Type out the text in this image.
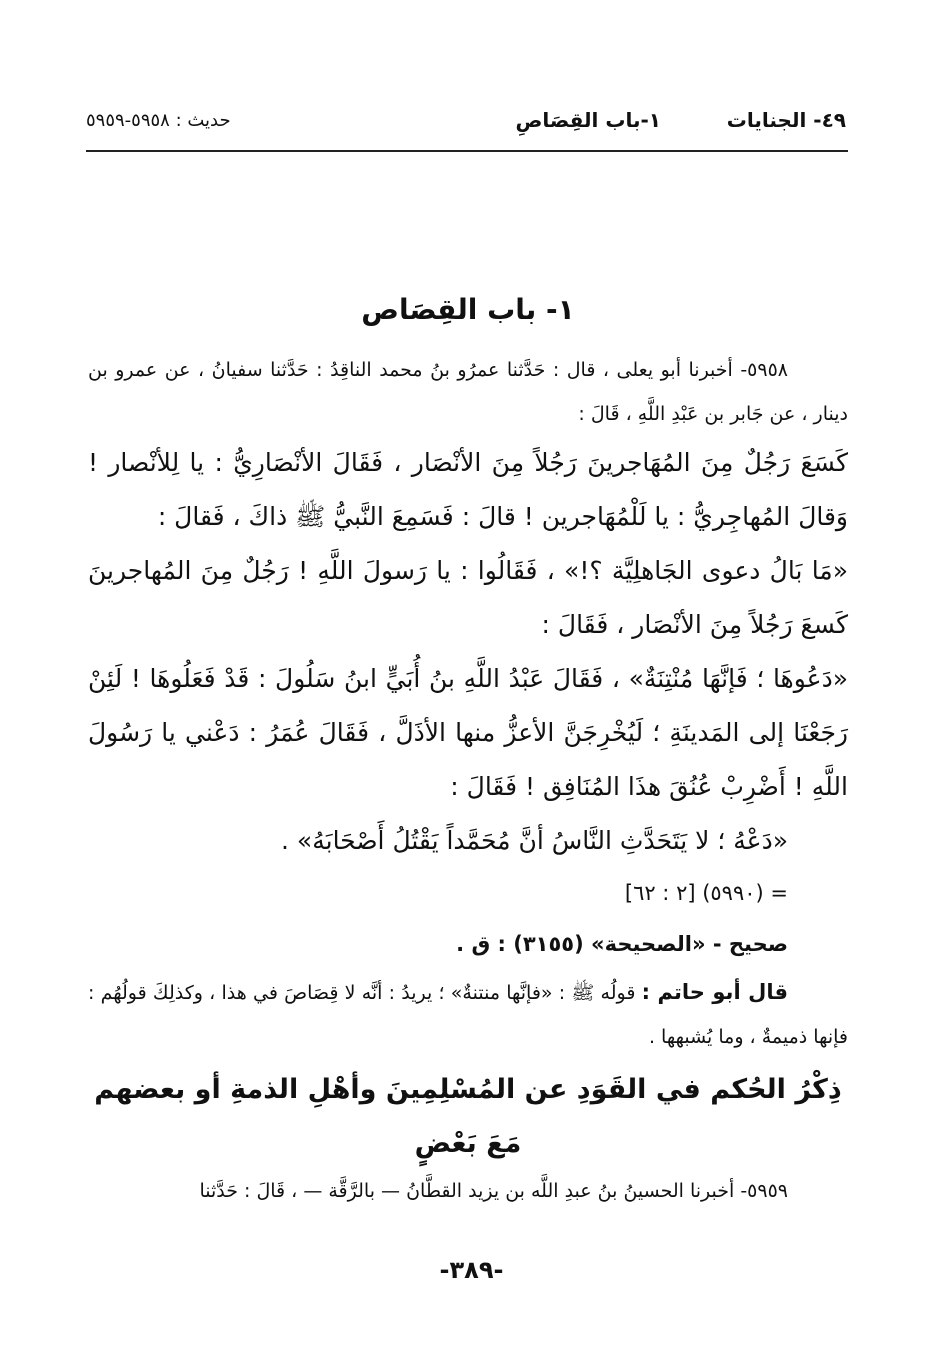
٤٩- الجنايات
١-باب القِصَاصِ
حديث : ٥٩٥٨-٥٩٥٩
١- باب القِصَاص

٥٩٥٨- أخبرنا أبو يعلى ، قال : حَدَّثنا عمرُو بنُ محمد الناقِدُ : حَدَّثنا سفيانُ ، عن عمرو بن دينار ، عن جَابر بن عَبْدِ اللَّهِ ، قَالَ :

كَسَعَ رَجُلٌ مِنَ المُهَاجرينَ رَجُلاً مِنَ الأنْصَار ، فَقَالَ الأنْصَارِيُّ : يا لِلأنْصار ! وَقالَ المُهاجِريُّ : يا لَلْمُهَاجرين ! قالَ : فَسَمِعَ النَّبيُّ ﷺ ذاكَ ، فَقالَ :

«مَا بَالُ دعوى الجَاهلِيَّة ؟!» ، فَقَالُوا : يا رَسولَ اللَّهِ ! رَجُلٌ مِنَ المُهاجرينَ كَسعَ رَجُلاً مِنَ الأنْصَار ، فَقَالَ :

«دَعُوهَا ؛ فَإنَّهَا مُنْتِنَةٌ» ، فَقَالَ عَبْدُ اللَّهِ بنُ أُبَيٍّ ابنُ سَلُولَ : قَدْ فَعَلُوهَا ! لَئِنْ رَجَعْنَا إلى المَدينَةِ ؛ لَيُخْرِجَنَّ الأعزُّ منها الأذَلَّ ، فَقَالَ عُمَرُ : دَعْني يا رَسُولَ اللَّهِ ! أَضْرِبْ عُنُقَ هذَا المُنَافِق ! فَقَالَ :

«دَعْهُ ؛ لا يَتَحَدَّثِ النَّاسُ أنَّ مُحَمَّداً يَقْتُلُ أَصْحَابَهُ» .

= (٥٩٩٠) [٢ : ٦٢]

صحيح - «الصحيحة» (٣١٥٥) : ق .

قال أبو حاتم : قولُه ﷺ : «فإنَّها منتنةٌ» ؛ يريدُ : أنَّه لا قِصَاصَ في هذا ، وكذلِكَ قولُهُم : فإنها ذميمةٌ ، وما يُشبهها .

ذِكْرُ الحُكم في القَوَدِ عن المُسْلِمِينَ وأهْلِ الذمةِ أو بعضهم
مَعَ بَعْضٍ

٥٩٥٩- أخبرنا الحسينُ بنُ عبدِ اللَّه بن يزيد القطَّانُ — بالرَّقَّة — ، قَالَ : حَدَّثنا

-٣٨٩-
